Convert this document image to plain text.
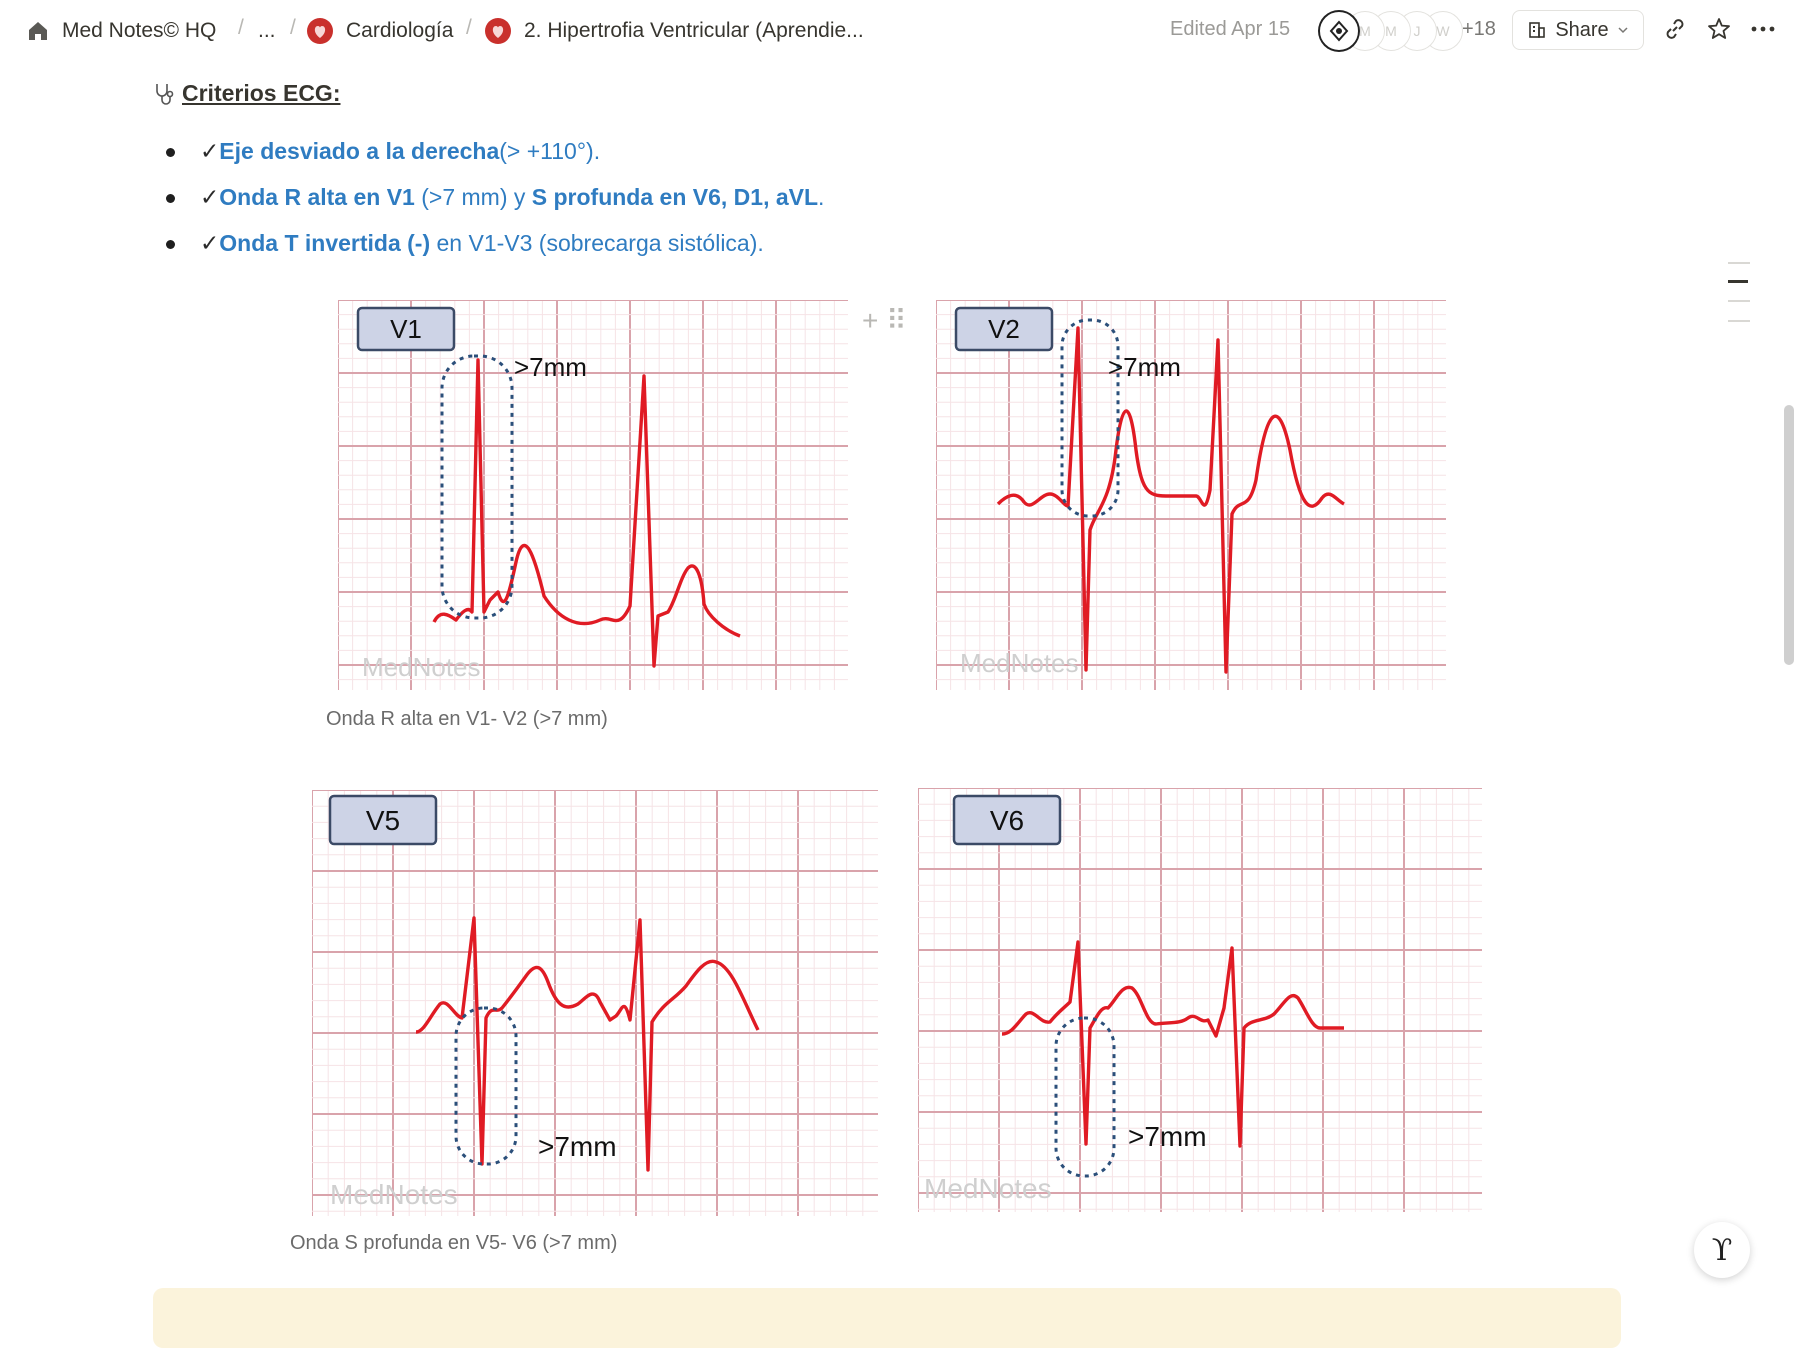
Med Notes© HQ / ... / Cardiología / 2. Hipertrofia Ventricular (Aprendie...	Edited Apr 15	M	M	J	W +18	Share
Criterios ECG:
✓Eje desviado a la derecha(> +110°).
✓Onda R alta en V1 (>7 mm) y S profunda en V6, D1, aVL.
✓Onda T invertida (-) en V1-V3 (sobrecarga sistólica).
+ ⠿
MedNotes
V1
>7mm
Onda R alta en V1- V2 (>7 mm)
MedNotes
V2
>7mm
MedNotes
V5
>7mm
Onda S profunda en V5- V6 (>7 mm)
MedNotes
V6
>7mm
ϒ
